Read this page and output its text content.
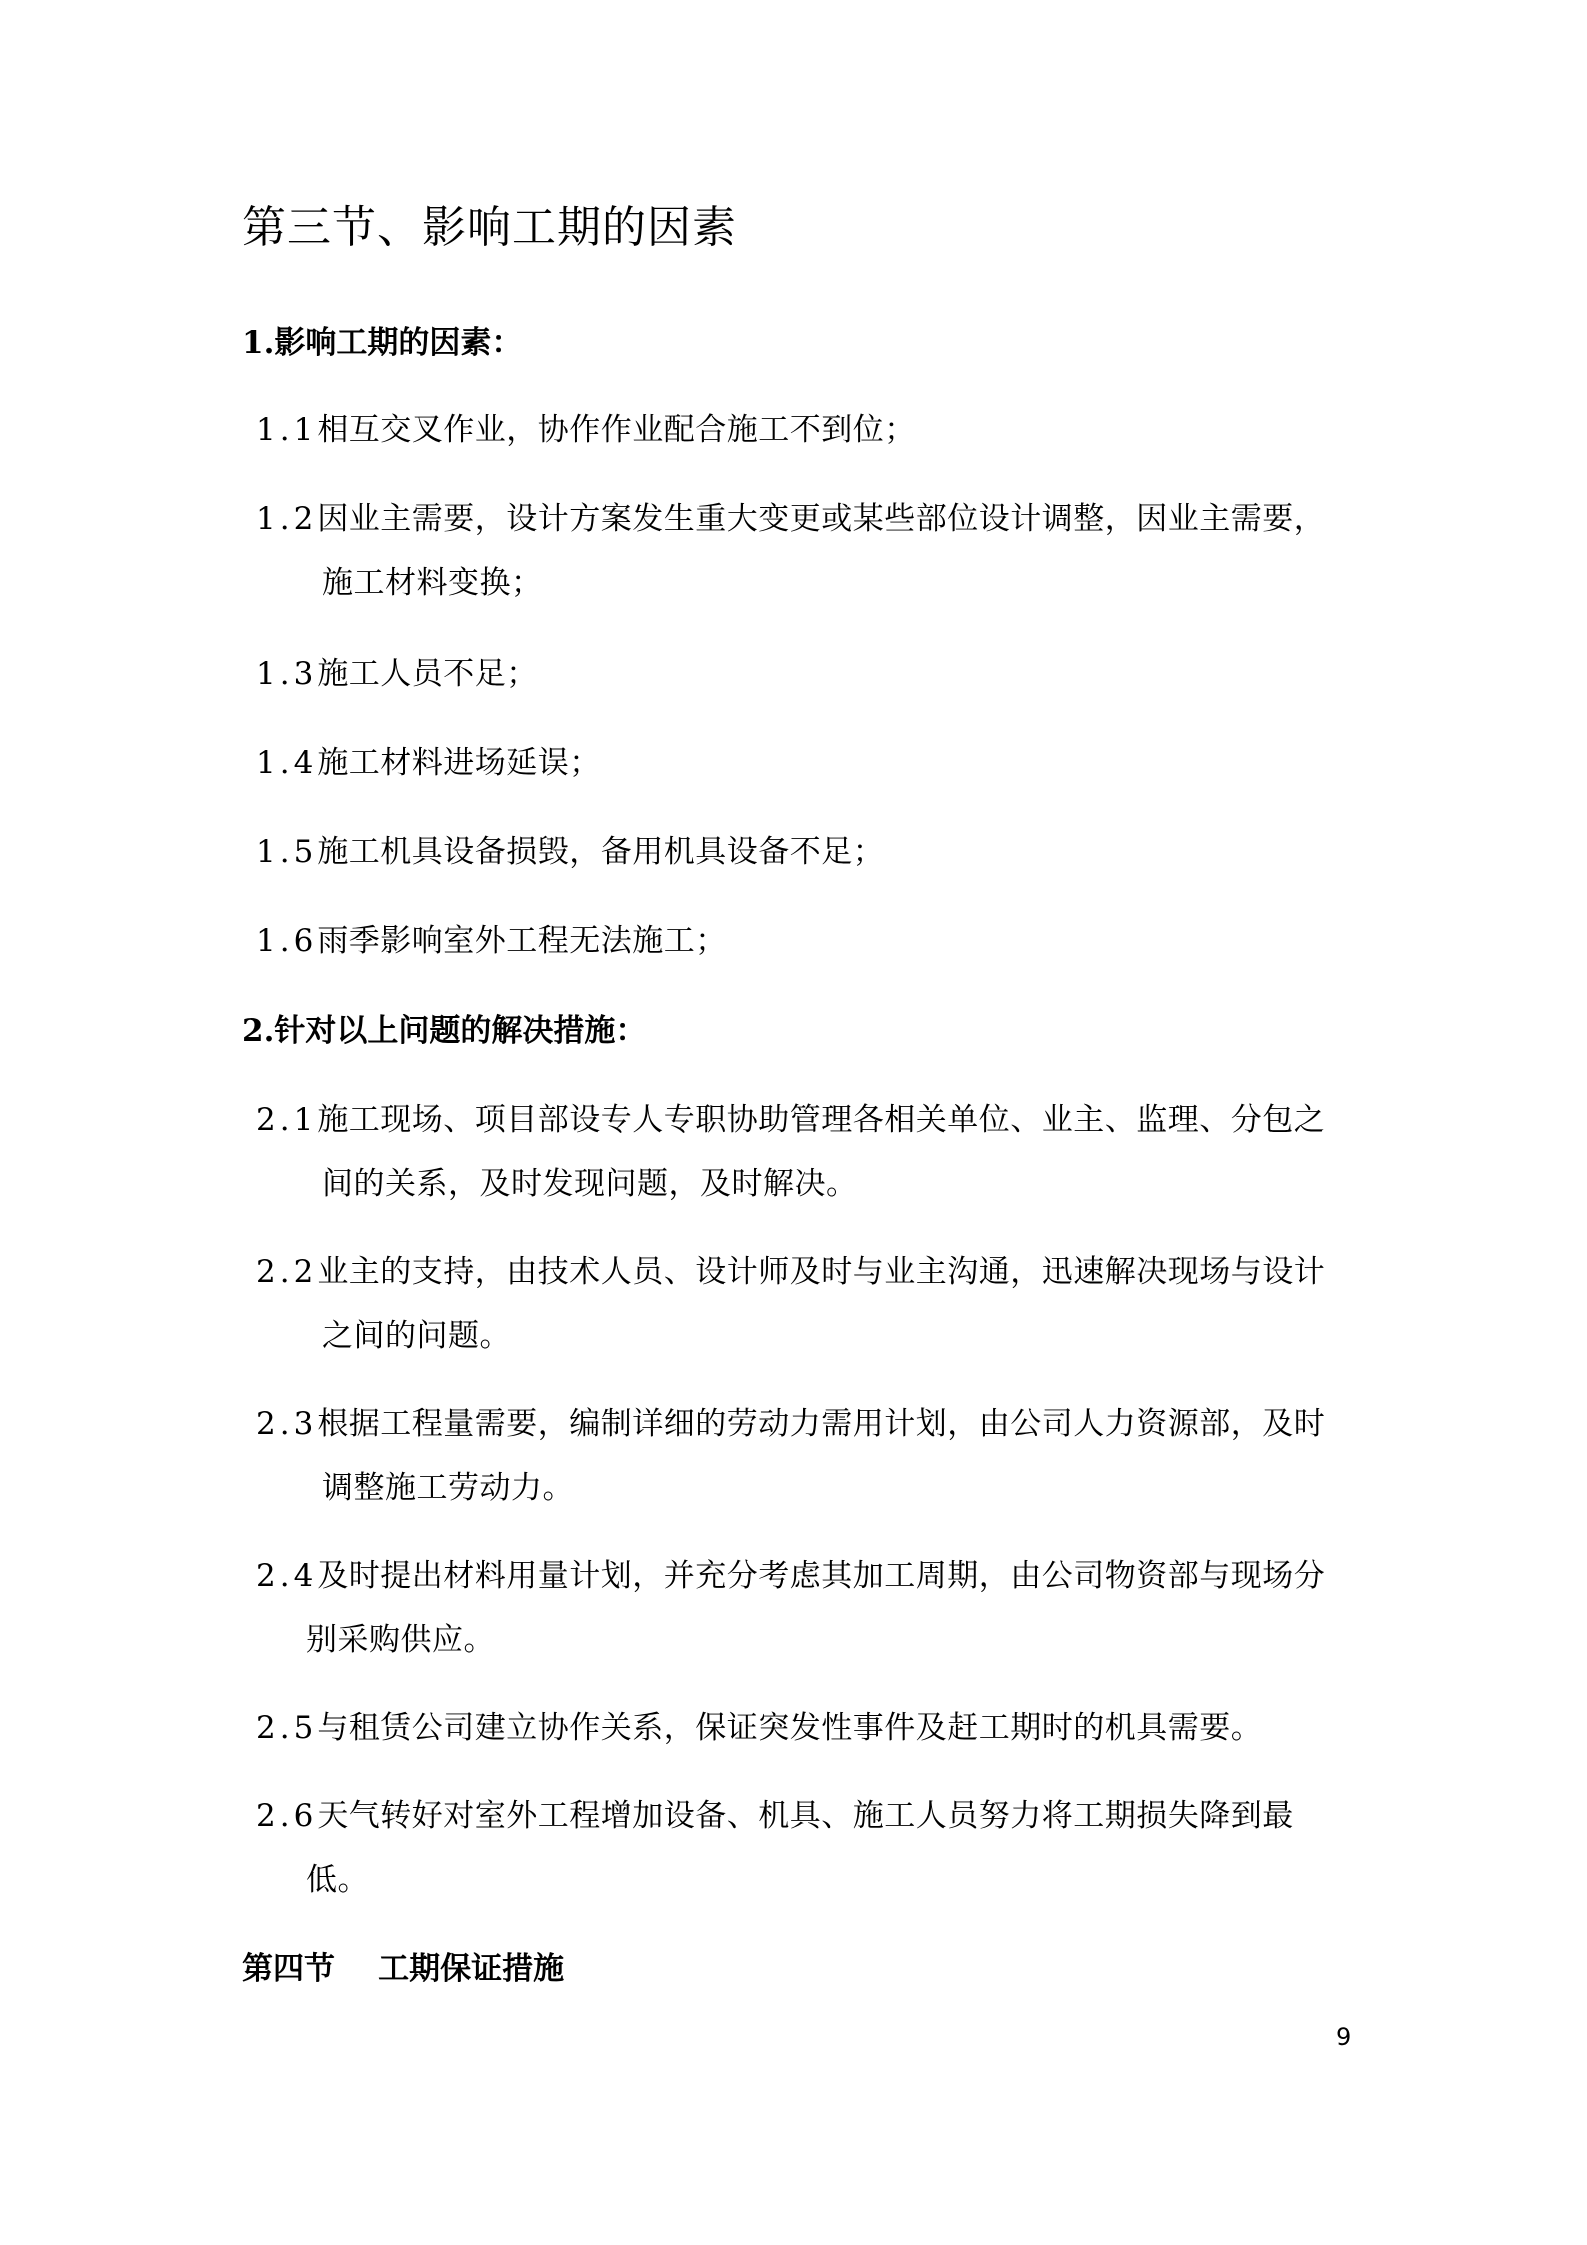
第三节、影响工期的因素
1.影响工期的因素：
1.1相互交叉作业，协作作业配合施工不到位；
1.2因业主需要，设计方案发生重大变更或某些部位设计调整，因业主需要，
施工材料变换；
1.3施工人员不足；
1.4施工材料进场延误；
1.5施工机具设备损毁，备用机具设备不足；
1.6雨季影响室外工程无法施工；
2.针对以上问题的解决措施：
2.1施工现场、项目部设专人专职协助管理各相关单位、业主、监理、分包之
间的关系，及时发现问题，及时解决。
2.2业主的支持，由技术人员、设计师及时与业主沟通，迅速解决现场与设计
之间的问题。
2.3根据工程量需要，编制详细的劳动力需用计划，由公司人力资源部，及时
调整施工劳动力。
2.4及时提出材料用量计划，并充分考虑其加工周期，由公司物资部与现场分
别采购供应。
2.5与租赁公司建立协作关系，保证突发性事件及赶工期时的机具需要。
2.6天气转好对室外工程增加设备、机具、施工人员努力将工期损失降到最
低。
第四节    工期保证措施
9
